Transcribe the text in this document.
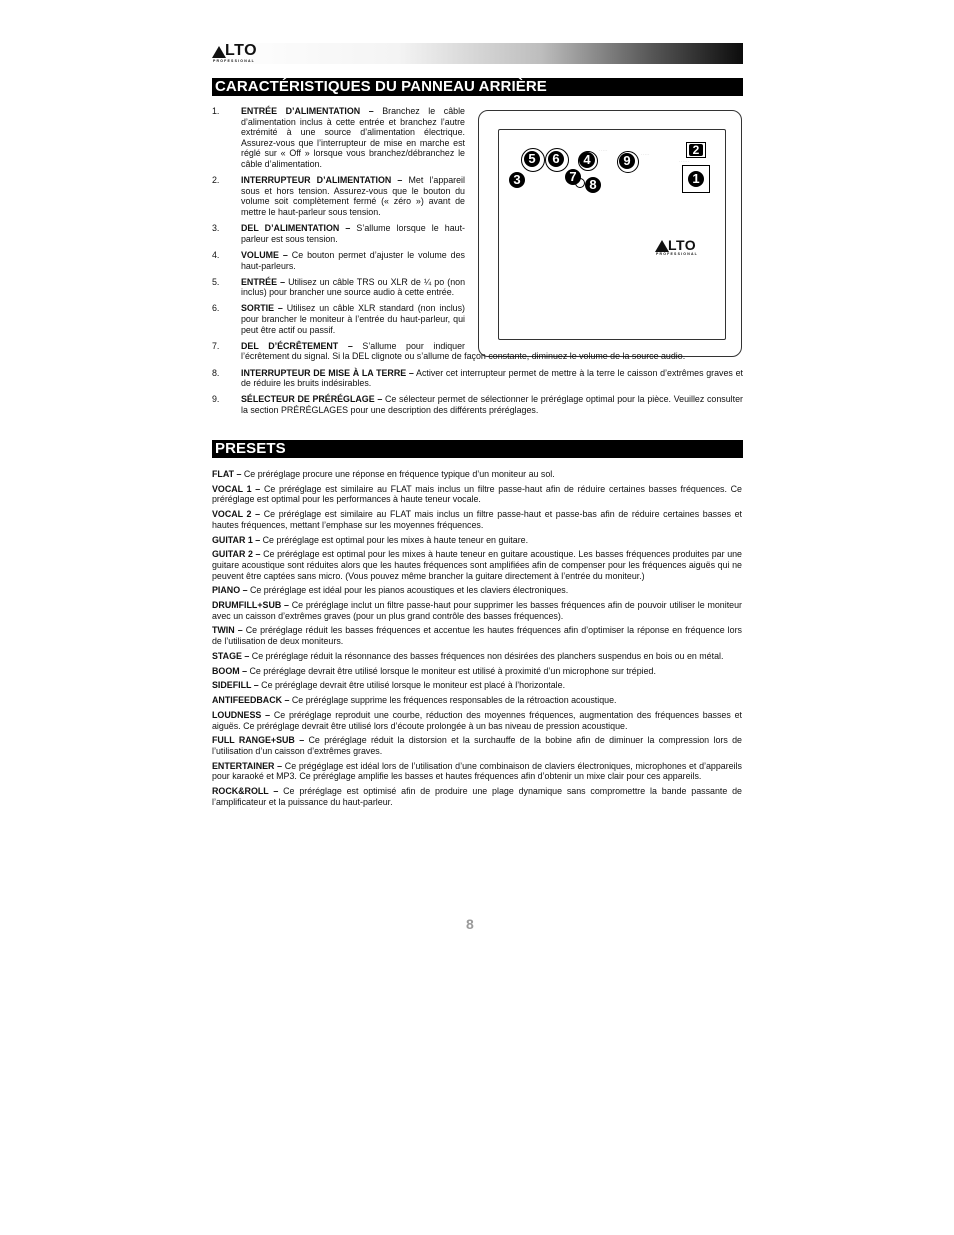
LTO
PROFESSIONAL
CARACTÉRISTIQUES DU PANNEAU ARRIÈRE
5	6
3
4
7
8
9
· · · · ·
· · · · ·	2
1
· · · · · ·
LTO
PROFESSIONAL
1. ENTRÉE D’ALIMENTATION – Branchez le câble d’alimentation inclus à cette entrée et branchez l’autre extrémité à une source d’alimentation électrique. Assurez-vous que l’interrupteur de mise en marche est réglé sur « Off » lorsque vous branchez/débranchez le câble d’alimentation.
2. INTERRUPTEUR D’ALIMENTATION – Met l’appareil sous et hors tension. Assurez-vous que le bouton du volume soit complètement fermé (« zéro ») avant de mettre le haut-parleur sous tension.
3. DEL D’ALIMENTATION – S’allume lorsque le haut-parleur est sous tension.
4. VOLUME – Ce bouton permet d’ajuster le volume des haut-parleurs.
5. ENTRÉE – Utilisez un câble TRS ou XLR de ¼ po (non inclus) pour brancher une source audio à cette entrée.
6. SORTIE – Utilisez un câble XLR standard (non inclus) pour brancher le moniteur à l’entrée du haut-parleur, qui peut être actif ou passif.
7. DEL D’ÉCRÊTEMENT – S’allume pour indiquer
l’écrêtement du signal. Si la DEL clignote ou s’allume de façon constante, diminuez le volume de la source audio.
8. INTERRUPTEUR DE MISE À LA TERRE – Activer cet interrupteur permet de mettre à la terre le caisson d’extrêmes graves et de réduire les bruits indésirables.
9. SÉLECTEUR DE PRÉRÉGLAGE – Ce sélecteur permet de sélectionner le préréglage optimal pour la pièce. Veuillez consulter la section PRÉRÉGLAGES pour une description des différents préréglages.
PRESETS

FLAT – Ce préréglage procure une réponse en fréquence typique d’un moniteur au sol.

VOCAL 1 – Ce préréglage est similaire au FLAT mais inclus un filtre passe-haut afin de réduire certaines basses fréquences. Ce préréglage est optimal pour les performances à haute teneur vocale.

VOCAL 2 – Ce préréglage est similaire au FLAT mais inclus un filtre passe-haut et passe-bas afin de réduire certaines basses et hautes fréquences, mettant l’emphase sur les moyennes fréquences.

GUITAR 1 – Ce préréglage est optimal pour les mixes à haute teneur en guitare.

GUITAR 2 – Ce préréglage est optimal pour les mixes à haute teneur en guitare acoustique. Les basses fréquences produites par une guitare acoustique sont réduites alors que les hautes fréquences sont amplifiées afin de compenser pour les fréquences aiguës qui ne peuvent être captées sans micro. (Vous pouvez même brancher la guitare directement à l’entrée du moniteur.)

PIANO – Ce préréglage est idéal pour les pianos acoustiques et les claviers électroniques.

DRUMFILL+SUB – Ce préréglage inclut un filtre passe-haut pour supprimer les basses fréquences afin de pouvoir utiliser le moniteur avec un caisson d’extrêmes graves (pour un plus grand contrôle des basses fréquences).

TWIN – Ce préréglage réduit les basses fréquences et accentue les hautes fréquences afin d’optimiser la réponse en fréquence lors de l’utilisation de deux moniteurs.

STAGE – Ce préréglage réduit la résonnance des basses fréquences non désirées des planchers suspendus en bois ou en métal.

BOOM – Ce préréglage devrait être utilisé lorsque le moniteur est utilisé à proximité d’un microphone sur trépied.

SIDEFILL – Ce préréglage devrait être utilisé lorsque le moniteur est placé à l’horizontale.

ANTIFEEDBACK – Ce préréglage supprime les fréquences responsables de la rétroaction acoustique.

LOUDNESS – Ce préréglage reproduit une courbe, réduction des moyennes fréquences, augmentation des fréquences basses et aiguës. Ce préréglage devrait être utilisé lors d’écoute prolongée à un bas niveau de pression acoustique.

FULL RANGE+SUB – Ce préréglage réduit la distorsion et la surchauffe de la bobine afin de diminuer la compression lors de l’utilisation d’un caisson d’extrêmes graves.

ENTERTAINER – Ce prégéglage est idéal lors de l’utilisation d’une combinaison de claviers électroniques, microphones et d’appareils pour karaoké et MP3. Ce préréglage amplifie les basses et hautes fréquences afin d’obtenir un mixe clair pour ces appareils.

ROCK&ROLL – Ce préréglage est optimisé afin de produire une plage dynamique sans compromettre la bande passante de l’amplificateur et la puissance du haut-parleur.

8
